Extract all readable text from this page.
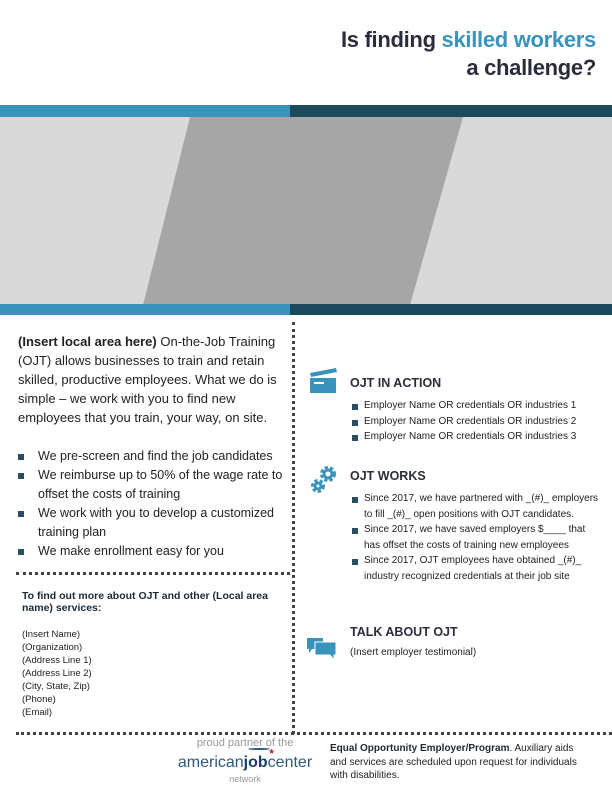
Is finding skilled workers
a challenge?
(Insert local area here) On-the-Job Training (OJT) allows businesses to train and retain skilled, productive employees. What we do is simple – we work with you to find new employees that you train, your way, on site.
We pre-screen and find the job candidates
We reimburse up to 50% of the wage rate to offset the costs of training
We work with you to develop a customized training plan
We make enrollment easy for you
To find out more about OJT and other (Local area name) services:
(Insert Name)
(Organization)
(Address Line 1)
(Address Line 2)
(City, State, Zip)
(Phone)
(Email)
OJT IN ACTION
Employer Name OR credentials OR industries 1
Employer Name OR credentials OR industries 2
Employer Name OR credentials OR industries 3
OJT WORKS
Since 2017, we have partnered with _(#)_ employers to fill _(#)_ open positions with OJT candidates.
Since 2017, we have saved employers $____ that has offset the costs of training new employees
Since 2017, OJT employees have obtained _(#)_ industry recognized credentials at their job site
TALK ABOUT OJT
(Insert employer testimonial)
proud partner of the
americanjobcenter
★
network
Equal Opportunity Employer/Program. Auxiliary aids and services are scheduled upon request for individuals with disabilities.
